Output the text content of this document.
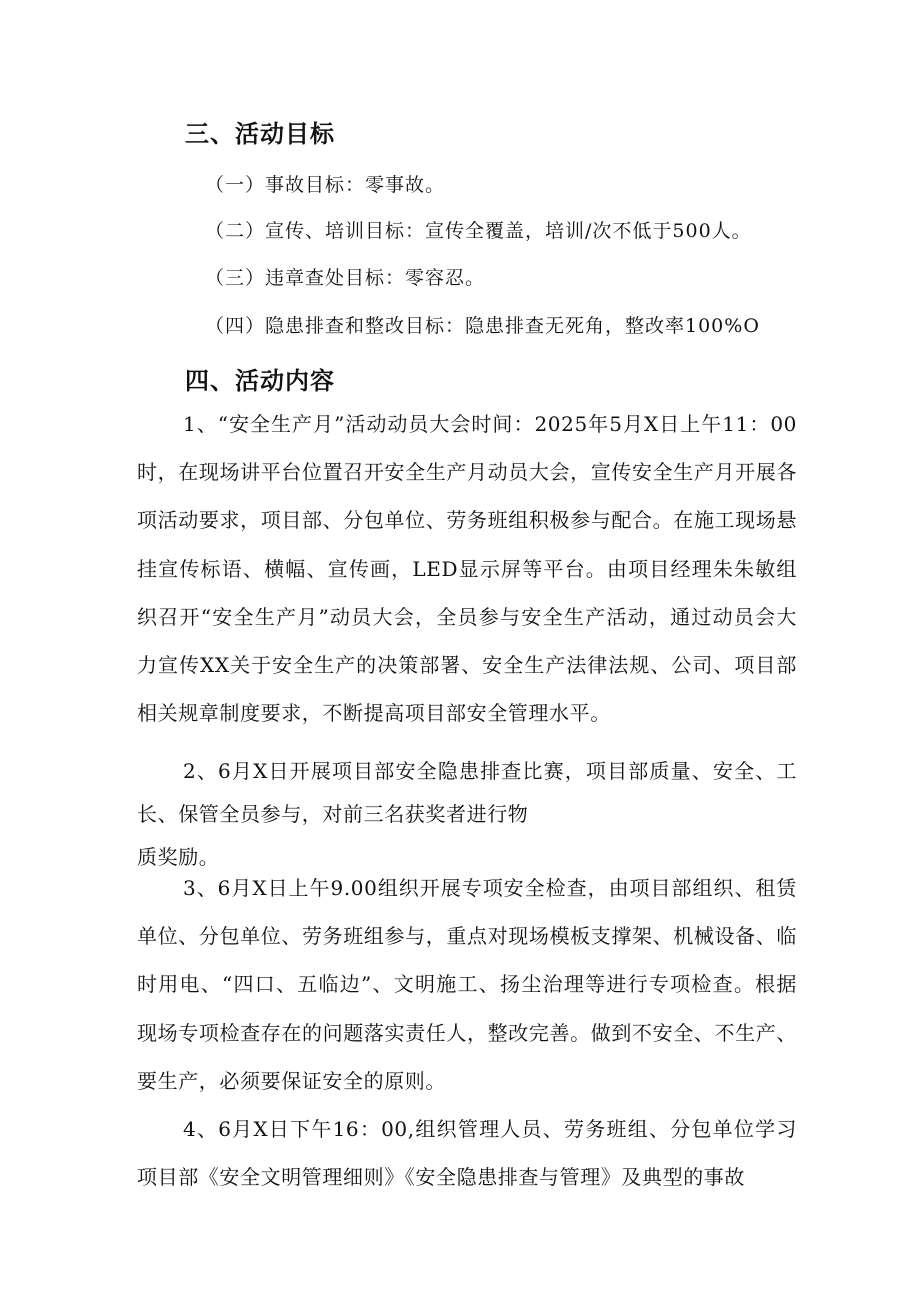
三、活动目标
（一）事故目标：零事故。
（二）宣传、培训目标：宣传全覆盖，培训/次不低于500人。
（三）违章查处目标：零容忍。
（四）隐患排查和整改目标：隐患排查无死角，整改率100%O
四、活动内容
1、“安全生产月”活动动员大会时间：2025年5月X日上午11：00时，在现场讲平台位置召开安全生产月动员大会，宣传安全生产月开展各项活动要求，项目部、分包单位、劳务班组积极参与配合。在施工现场悬挂宣传标语、横幅、宣传画，LED显示屏等平台。由项目经理朱朱敏组织召开“安全生产月”动员大会，全员参与安全生产活动，通过动员会大力宣传XX关于安全生产的决策部署、安全生产法律法规、公司、项目部相关规章制度要求，不断提高项目部安全管理水平。
2、6月X日开展项目部安全隐患排查比赛，项目部质量、安全、工长、保管全员参与，对前三名获奖者进行物
质奖励。
3、6月X日上午9.00组织开展专项安全检查，由项目部组织、租赁单位、分包单位、劳务班组参与，重点对现场模板支撑架、机械设备、临时用电、“四口、五临边”、文明施工、扬尘治理等进行专项检查。根据现场专项检查存在的问题落实责任人，整改完善。做到不安全、不生产、要生产，必须要保证安全的原则。
4、6月X日下午16：00,组织管理人员、劳务班组、分包单位学习项目部《安全文明管理细则》《安全隐患排查与管理》及典型的事故
